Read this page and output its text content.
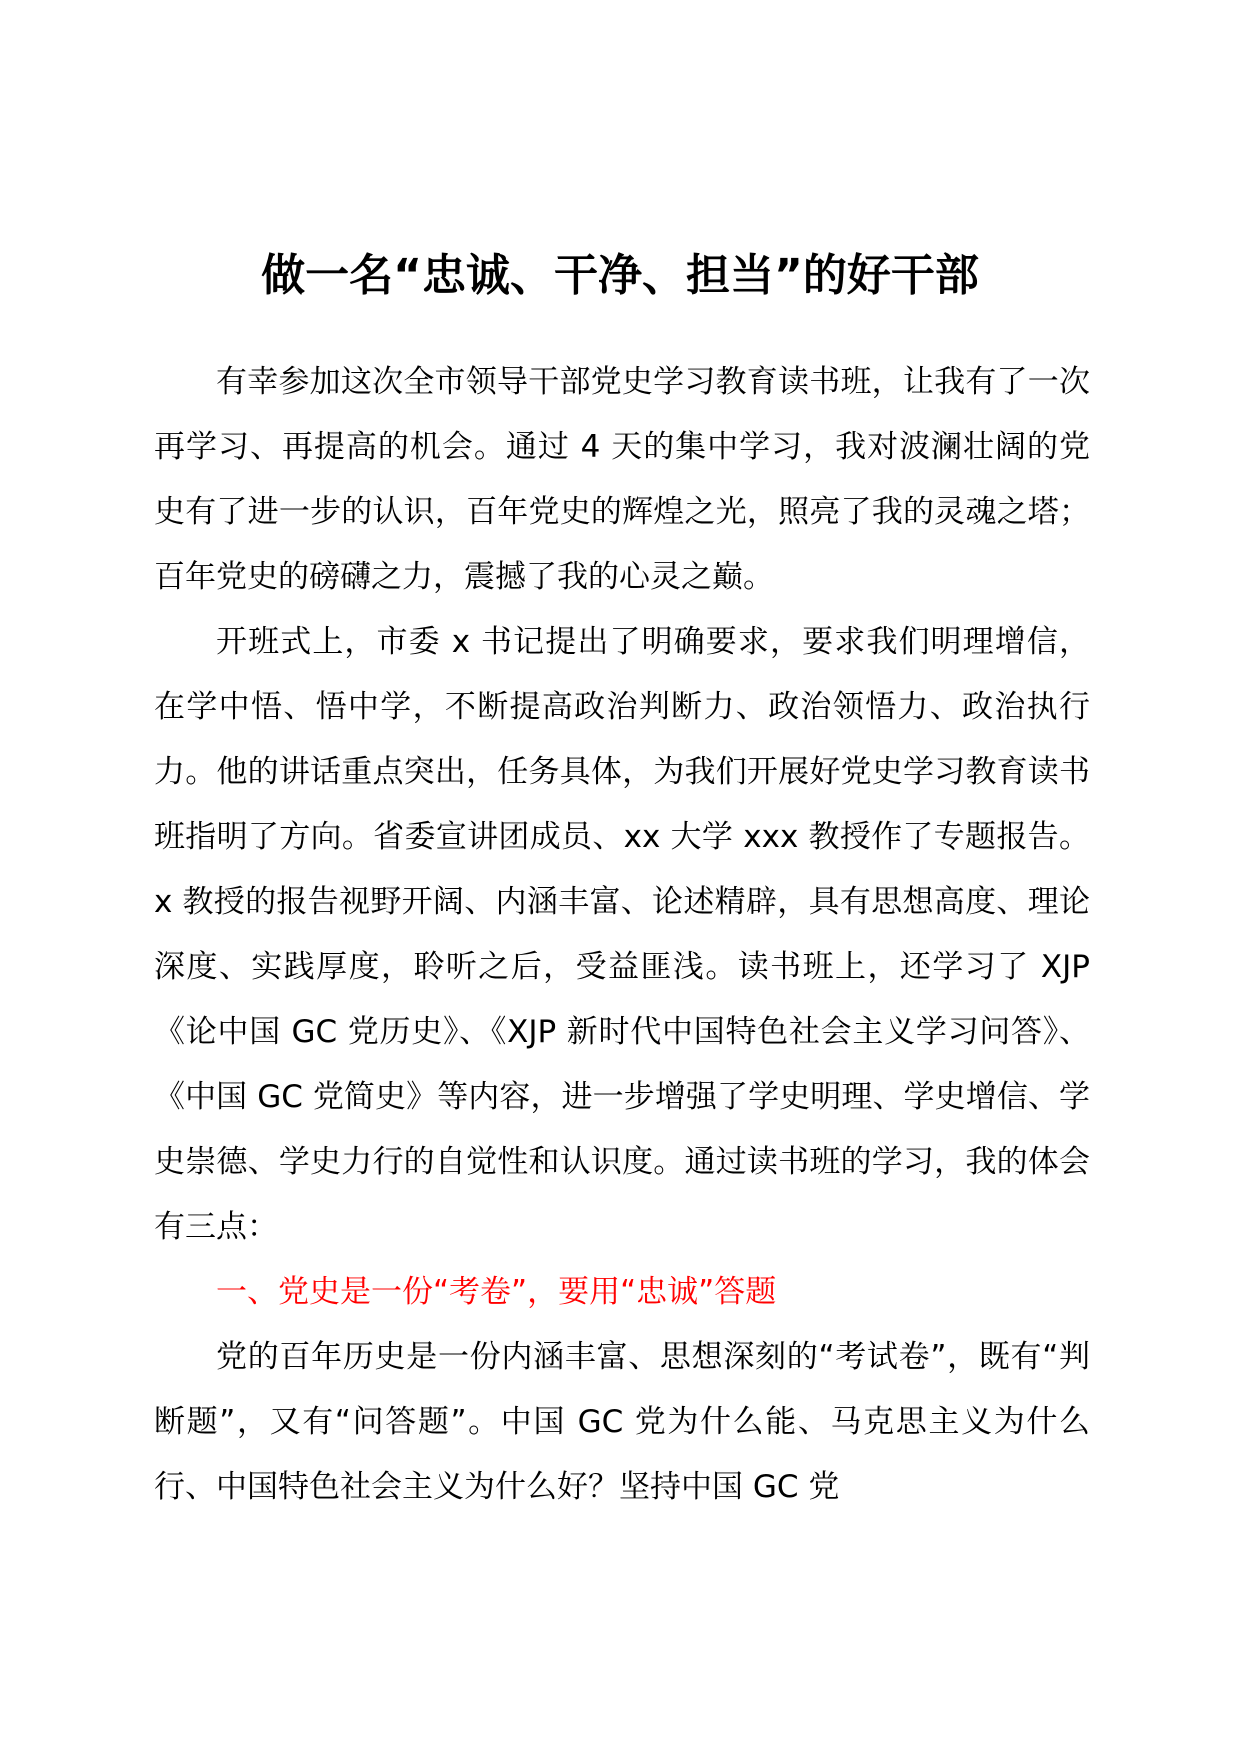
做一名“忠诚、干净、担当”的好干部

有幸参加这次全市领导干部党史学习教育读书班，让我有了一次再学习、再提高的机会。通过 4 天的集中学习，我对波澜壮阔的党史有了进一步的认识，百年党史的辉煌之光，照亮了我的灵魂之塔；百年党史的磅礴之力，震撼了我的心灵之巅。

开班式上，市委 x 书记提出了明确要求，要求我们明理增信，在学中悟、悟中学，不断提高政治判断力、政治领悟力、政治执行力。他的讲话重点突出，任务具体，为我们开展好党史学习教育读书班指明了方向。省委宣讲团成员、xx 大学 xxx 教授作了专题报告。x 教授的报告视野开阔、内涵丰富、论述精辟，具有思想高度、理论深度、实践厚度，聆听之后，受益匪浅。读书班上，还学习了 XJP《论中国 GC 党历史》、《XJP 新时代中国特色社会主义学习问答》、《中国 GC 党简史》等内容，进一步增强了学史明理、学史增信、学史崇德、学史力行的自觉性和认识度。通过读书班的学习，我的体会有三点：

一、党史是一份“考卷”，要用“忠诚”答题

党的百年历史是一份内涵丰富、思想深刻的“考试卷”，既有“判断题”，又有“问答题”。中国 GC 党为什么能、马克思主义为什么行、中国特色社会主义为什么好？坚持中国 GC 党
